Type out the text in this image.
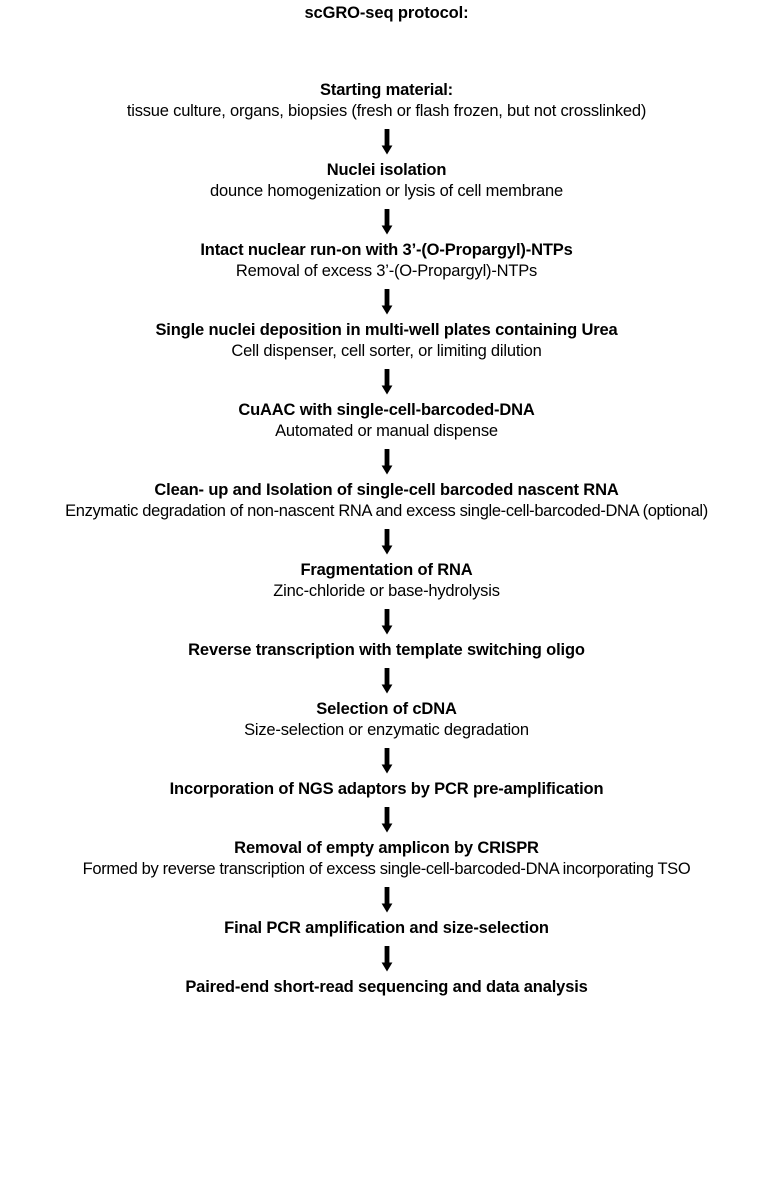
scGRO-seq protocol:
Starting material:
tissue culture, organs, biopsies (fresh or flash frozen, but not crosslinked)
Nuclei isolation
dounce homogenization or lysis of cell membrane
Intact nuclear run-on with 3’-(O-Propargyl)-NTPs
Removal of excess 3’-(O-Propargyl)-NTPs
Single nuclei deposition in multi-well plates containing Urea
Cell dispenser, cell sorter, or limiting dilution
CuAAC with single-cell-barcoded-DNA
Automated or manual dispense
Clean- up and Isolation of single-cell barcoded nascent RNA
Enzymatic degradation of non-nascent RNA and excess single-cell-barcoded-DNA (optional)
Fragmentation of RNA
Zinc-chloride or base-hydrolysis
Reverse transcription with template switching oligo
Selection of cDNA
Size-selection or enzymatic degradation
Incorporation of NGS adaptors by PCR pre-amplification
Removal of empty amplicon by CRISPR
Formed by reverse transcription of excess single-cell-barcoded-DNA incorporating TSO
Final PCR amplification and size-selection
Paired-end short-read sequencing and data analysis
